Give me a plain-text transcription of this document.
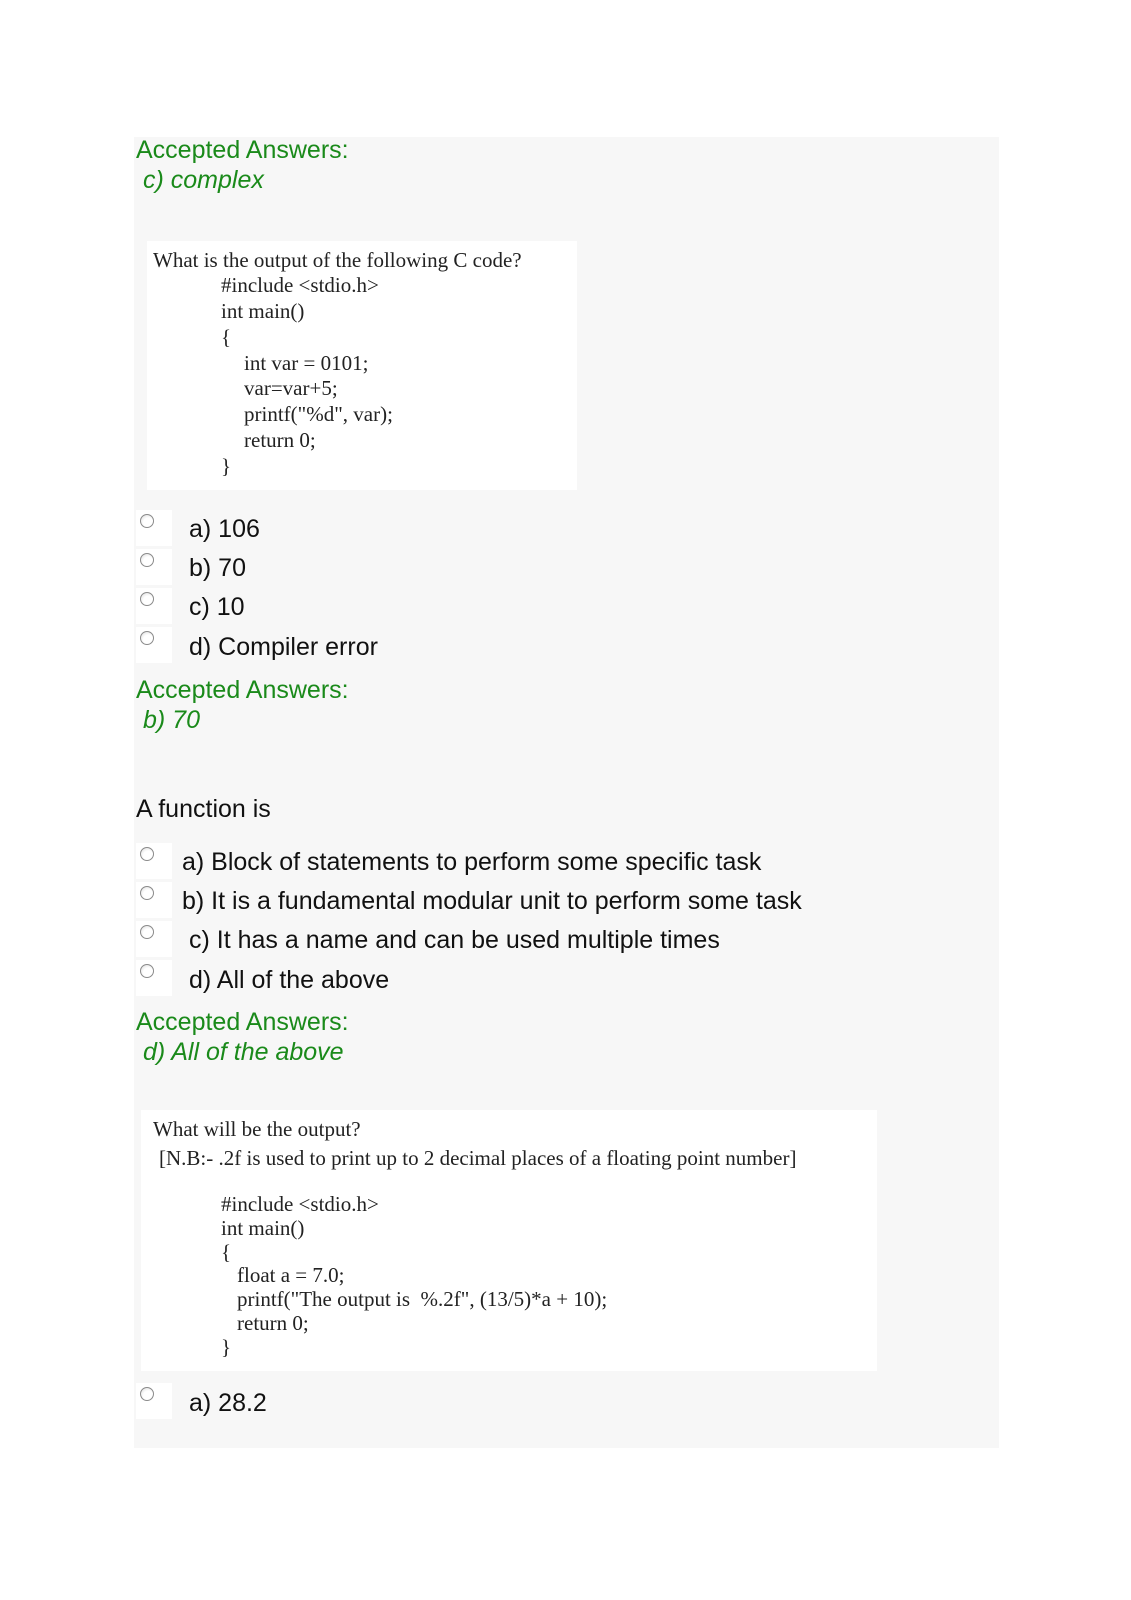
Accepted Answers:
c) complex
What is the output of the following C code?
#include <stdio.h>
int main()
{
int var = 0101;
var=var+5;
printf("%d", var);
return 0;
}
a) 106
b) 70
c) 10
d) Compiler error
Accepted Answers:
b) 70
A function is
a) Block of statements to perform some specific task
b) It is a fundamental modular unit to perform some task
c) It has a name and can be used multiple times
d) All of the above
Accepted Answers:
d) All of the above
What will be the output?
[N.B:- .2f is used to print up to 2 decimal places of a floating point number]
#include <stdio.h>
int main()
{
float a = 7.0;
printf("The output is  %.2f", (13/5)*a + 10);
return 0;
}
a) 28.2
